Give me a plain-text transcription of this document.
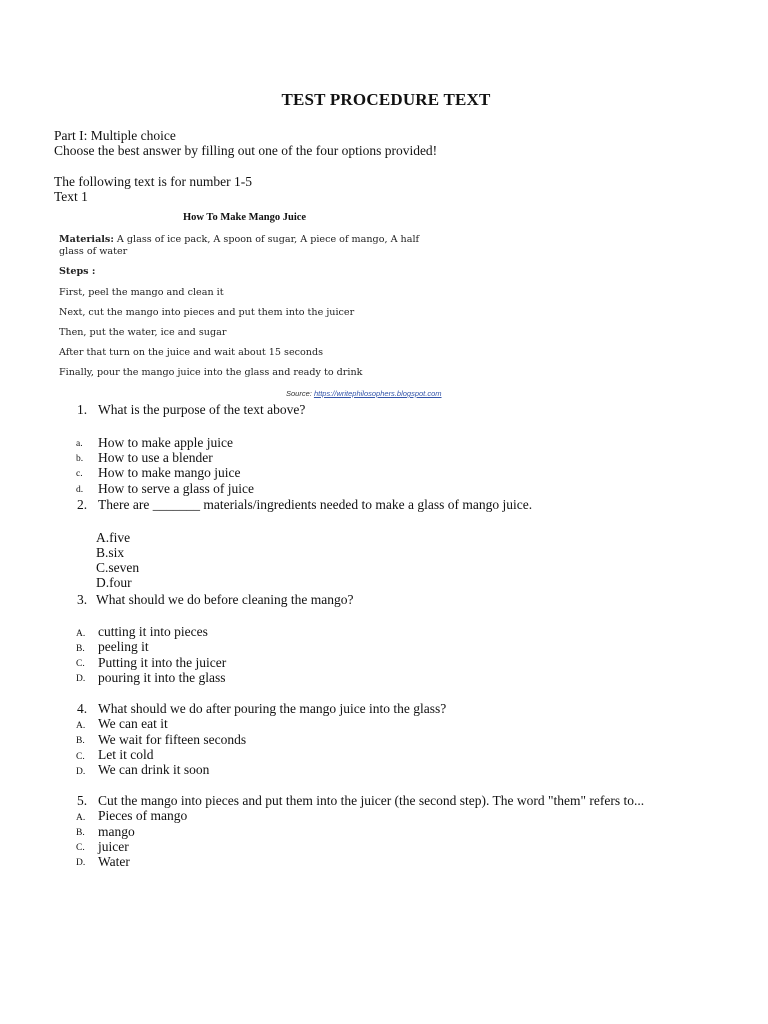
TEST PROCEDURE TEXT
Part I: Multiple choice
Choose the best answer by filling out one of the four options provided!
The following text is for number 1-5
Text 1
How To Make Mango Juice
Materials: A glass of ice pack, A spoon of sugar, A piece of mango, A half
glass of water
Steps :
First, peel the mango and clean it
Next, cut the mango into pieces and put them into the juicer
Then, put the water, ice and sugar
After that turn on the juice and wait about 15 seconds
Finally, pour the mango juice into the glass and ready to drink
Source: https://writephilosophers.blogspot.com
1. What is the purpose of the text above?
a. How to make apple juice
b. How to use a blender
c. How to make mango juice
d. How to serve a glass of juice
2. There are _______ materials/ingredients needed to make a glass of mango juice.
A.five
B.six
C.seven
D.four
3. What should we do before cleaning the mango?
A. cutting it into pieces
B. peeling it
C. Putting it into the juicer
D. pouring it into the glass
4. What should we do after pouring the mango juice into the glass?
A. We can eat it
B. We wait for fifteen seconds
C. Let it cold
D. We can drink it soon
5. Cut the mango into pieces and put them into the juicer (the second step). The word "them" refers to...
A. Pieces of mango
B. mango
C. juicer
D. Water
